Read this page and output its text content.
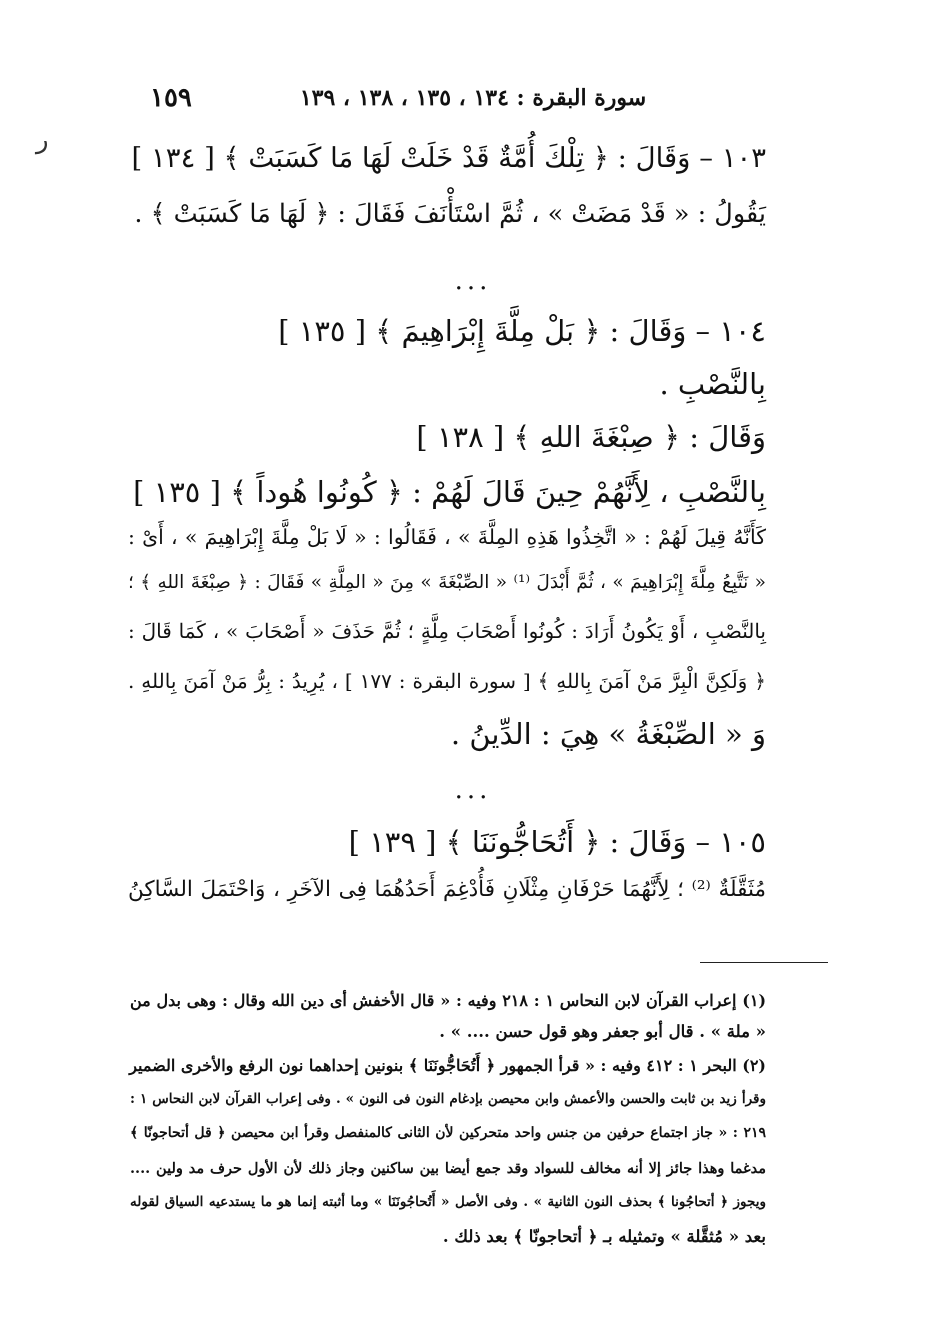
ﺭ
١٥٩	سورة البقرة : ١٣٤ ، ١٣٥ ، ١٣٨ ، ١٣٩
١٠٣ – وَقَالَ : ﴿ تِلْكَ أُمَّةٌ قَدْ خَلَتْ لَهَا مَا كَسَبَتْ ﴾ [ ١٣٤ ]
يَقُولُ : « قَدْ مَضَتْ » ، ثُمَّ اسْتَأْنَفَ فَقَالَ : ﴿ لَهَا مَا كَسَبَتْ ﴾ .
...
١٠٤ – وَقَالَ : ﴿ بَلْ مِلَّةَ إِبْرَاهِيمَ ﴾ [ ١٣٥ ]
بِالنَّصْبِ .
وَقَالَ : ﴿ صِبْغَةَ اللهِ ﴾ [ ١٣٨ ]
بِالنَّصْبِ ، لِأَنَّهُمْ حِينَ قَالَ لَهُمْ : ﴿ كُونُوا هُوداً ﴾ [ ١٣٥ ]
كَأَنَّهُ قِيلَ لَهُمْ : « اتَّخِذُوا هَذِهِ المِلَّةَ » ، فَقَالُوا : « لَا بَلْ مِلَّةَ إِبْرَاهِيمَ » ، أَىْ :
« نَتَّبِعُ مِلَّةَ إِبْرَاهِيمَ » ، ثُمَّ أَبْدَلَ ⁽¹⁾ « الصِّبْغَةَ » مِنَ « المِلَّةِ » فَقَالَ : ﴿ صِبْغَةَ اللهِ ﴾ ؛
بِالنَّصْبِ ، أَوْ يَكُونُ أَرَادَ : كُونُوا أَصْحَابَ مِلَّةٍ ؛ ثُمَّ حَذَفَ « أَصْحَابَ » ، كَمَا قَالَ :
﴿ وَلَكِنَّ الْبِرَّ مَنْ آمَنَ بِاللهِ ﴾ [ سورة البقرة : ١٧٧ ] ، يُرِيدُ : بِرُّ مَنْ آمَنَ بِاللهِ .
وَ « الصِّبْغَةُ » هِيَ : الدِّينُ .
...
١٠٥ – وَقَالَ : ﴿ أَتُحَاجُّونَنَا ﴾ [ ١٣٩ ]
مُثَقَّلَةٌ ⁽²⁾ ؛ لِأَنَّهُمَا حَرْفَانِ مِثْلَانِ فَأُدْغِمَ أَحَدُهُمَا فِى الآخَرِ ، وَاحْتَمَلَ السَّاكِنُ
(١) إعراب القرآن لابن النحاس ١ : ٢١٨ وفيه : « قال الأخفش أى دين الله وقال : وهى بدل من
« ملة » . قال أبو جعفر وهو قول حسن .... » .
(٢) البحر ١ : ٤١٢ وفيه : « قرأ الجمهور ﴿ أَتُحَاجُّونَنَا ﴾ بنونين إحداهما نون الرفع والأخرى الضمير
وقرأ زيد بن ثابت والحسن والأعمش وابن محيصن بإدغام النون فى النون » . وفى إعراب القرآن لابن النحاس ١ :
٢١٩ : « جاز اجتماع حرفين من جنس واحد متحركين لأن الثانى كالمنفصل وقرأ ابن محيصن ﴿ قل أتحاجونّا ﴾
مدغما وهذا جائز إلا أنه مخالف للسواد وقد جمع أيضا بين ساكنين وجاز ذلك لأن الأول حرف مد ولين ....
ويجوز ﴿ أتحاجُونا ﴾ بحذف النون الثانية » . وفى الأصل « أَتُحاجُونَنَا » وما أثبته إنما هو ما يستدعيه السياق لقوله
بعد « مُثقَّلة » وتمثيله بـ ﴿ أتحاجونّا ﴾ بعد ذلك .
